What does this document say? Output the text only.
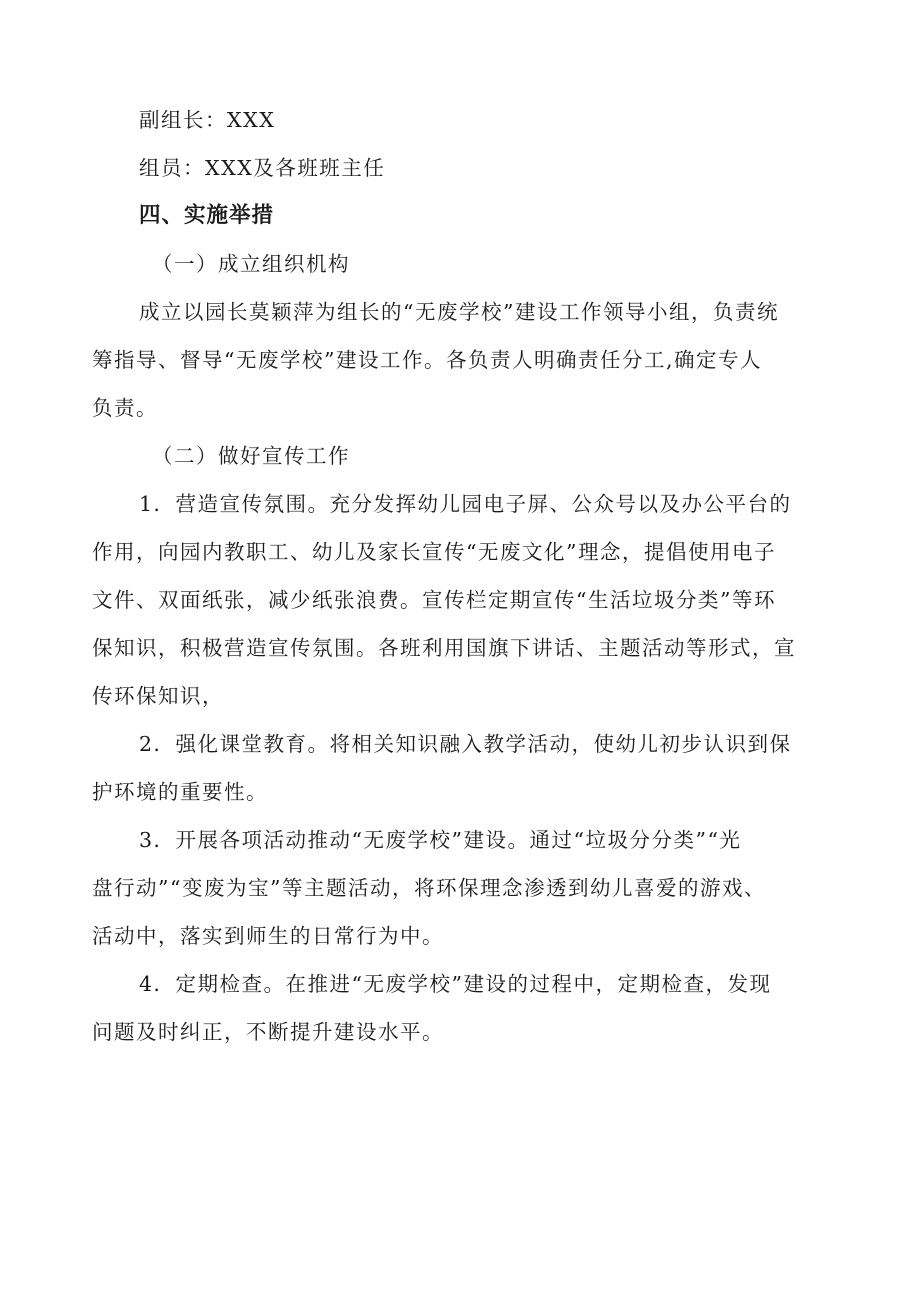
副组长：XXX

组员：XXX及各班班主任

四、实施举措

（一）成立组织机构

成立以园长莫颖萍为组长的“无废学校”建设工作领导小组，负责统

筹指导、督导“无废学校”建设工作。各负责人明确责任分工,确定专人

负责。

（二）做好宣传工作

1．营造宣传氛围。充分发挥幼儿园电子屏、公众号以及办公平台的

作用，向园内教职工、幼儿及家长宣传“无废文化”理念，提倡使用电子

文件、双面纸张，减少纸张浪费。宣传栏定期宣传“生活垃圾分类”等环

保知识，积极营造宣传氛围。各班利用国旗下讲话、主题活动等形式，宣

传环保知识，

2．强化课堂教育。将相关知识融入教学活动，使幼儿初步认识到保

护环境的重要性。

3．开展各项活动推动“无废学校”建设。通过“垃圾分分类”“光

盘行动”“变废为宝”等主题活动，将环保理念渗透到幼儿喜爱的游戏、

活动中，落实到师生的日常行为中。

4．定期检查。在推进“无废学校”建设的过程中，定期检查，发现

问题及时纠正，不断提升建设水平。
